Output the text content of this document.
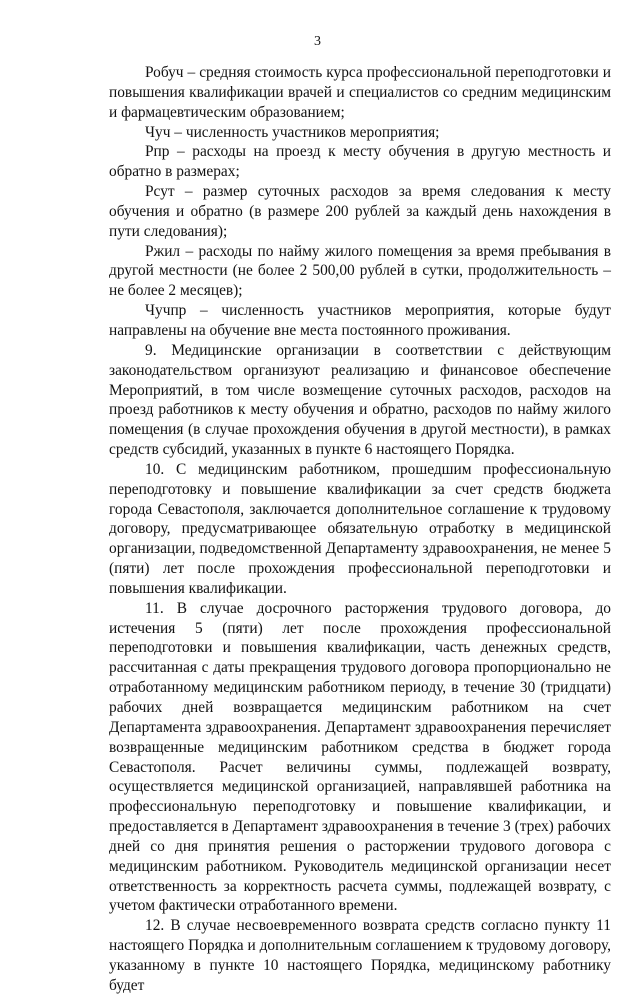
3

Робуч – средняя стоимость курса профессиональной переподготовки и повышения квалификации врачей и специалистов со средним медицинским и фармацевтическим образованием;

Чуч – численность участников мероприятия;

Рпр – расходы на проезд к месту обучения в другую местность и обратно в размерах;

Рсут – размер суточных расходов за время следования к месту обучения и обратно (в размере 200 рублей за каждый день нахождения в пути следования);

Ржил – расходы по найму жилого помещения за время пребывания в другой местности (не более 2 500,00 рублей в сутки, продолжительность – не более 2 месяцев);

Чучпр – численность участников мероприятия, которые будут направлены на обучение вне места постоянного проживания.

9. Медицинские организации в соответствии с действующим законодательством организуют реализацию и финансовое обеспечение Мероприятий, в том числе возмещение суточных расходов, расходов на проезд работников к месту обучения и обратно, расходов по найму жилого помещения (в случае прохождения обучения в другой местности), в рамках средств субсидий, указанных в пункте 6 настоящего Порядка.

10. С медицинским работником, прошедшим профессиональную переподготовку и повышение квалификации за счет средств бюджета города Севастополя, заключается дополнительное соглашение к трудовому договору, предусматривающее обязательную отработку в медицинской организации, подведомственной Департаменту здравоохранения, не менее 5 (пяти) лет после прохождения профессиональной переподготовки и повышения квалификации.

11. В случае досрочного расторжения трудового договора, до истечения 5 (пяти) лет после прохождения профессиональной переподготовки и повышения квалификации, часть денежных средств, рассчитанная с даты прекращения трудового договора пропорционально не отработанному медицинским работником периоду, в течение 30 (тридцати) рабочих дней возвращается медицинским работником на счет Департамента здравоохранения. Департамент здравоохранения перечисляет возвращенные медицинским работником средства в бюджет города Севастополя. Расчет величины суммы, подлежащей возврату, осуществляется медицинской организацией, направлявшей работника на профессиональную переподготовку и повышение квалификации, и предоставляется в Департамент здравоохранения в течение 3 (трех) рабочих дней со дня принятия решения о расторжении трудового договора с медицинским работником. Руководитель медицинской организации несет ответственность за корректность расчета суммы, подлежащей возврату, с учетом фактически отработанного времени.

12. В случае несвоевременного возврата средств согласно пункту 11 настоящего Порядка и дополнительным соглашением к трудовому договору, указанному в пункте 10 настоящего Порядка, медицинскому работнику будет
